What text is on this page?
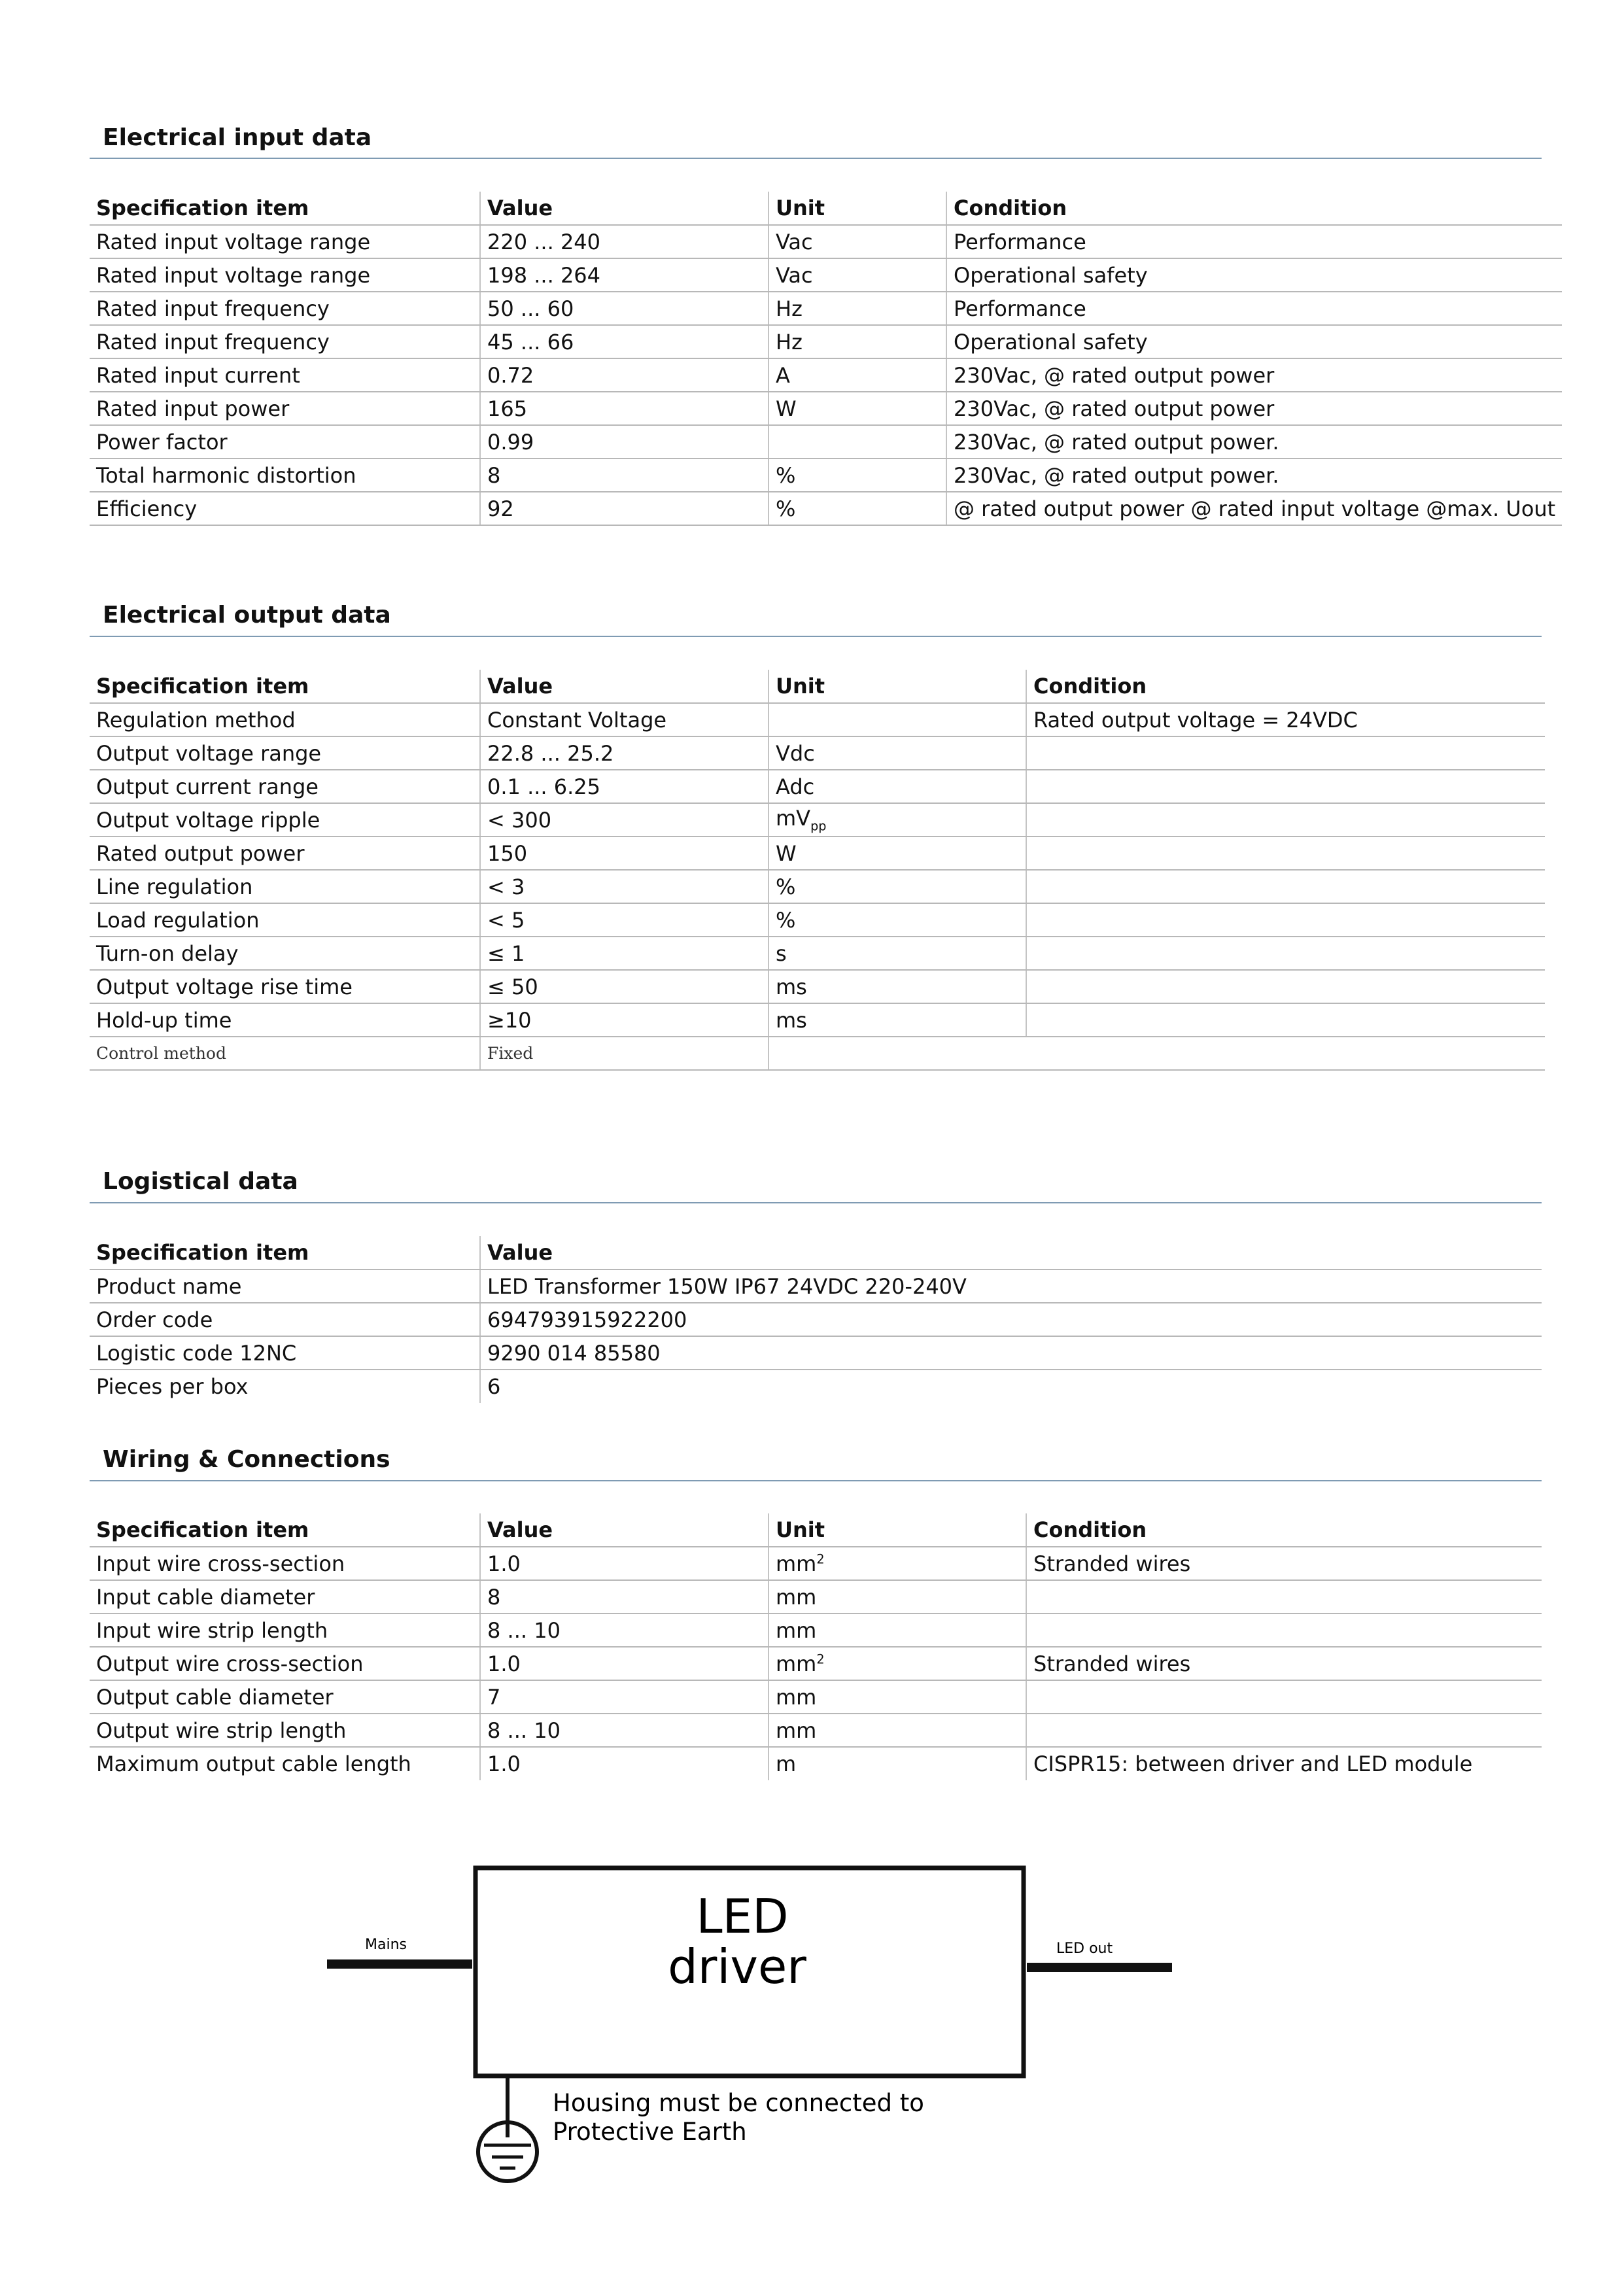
Electrical input data
Specification item	Value	Unit	Condition
Rated input voltage range	220 ... 240	Vac	Performance
Rated input voltage range	198 ... 264	Vac	Operational safety
Rated input frequency	50 ... 60	Hz	Performance
Rated input frequency	45 ... 66	Hz	Operational safety
Rated input current	0.72	A	230Vac, @ rated output power
Rated input power	165	W	230Vac, @ rated output power
Power factor	0.99		230Vac, @ rated output power.
Total harmonic distortion	8	%	230Vac, @ rated output power.
Efficiency	92	%	@ rated output power @ rated input voltage @max. Uout
Electrical output data
Specification item	Value	Unit	Condition
Regulation method	Constant Voltage		Rated output voltage = 24VDC
Output voltage range	22.8 ... 25.2	Vdc	
Output current range	0.1 ... 6.25	Adc	
Output voltage ripple	< 300	$mV_{pp}$	
Rated output power	150	W	
Line regulation	< 3	%	
Load regulation	< 5	%	
Turn-on delay	≤ 1	s	
Output voltage rise time	≤ 50	ms	
Hold-up time	≥10	ms	
Control method	Fixed		
Logistical data
Specification item	Value
Product name	LED Transformer 150W IP67 24VDC 220-240V
Order code	694793915922200
Logistic code 12NC	9290 014 85580
Pieces per box	6
Wiring & Connections
Specification item	Value	Unit	Condition
Input wire cross-section	1.0	$mm^2$	Stranded wires
Input cable diameter	8	mm	
Input wire strip length	8 ... 10	mm	
Output wire cross-section	1.0	$mm^2$	Stranded wires
Output cable diameter	7	mm	
Output wire strip length	8 ... 10	mm	
Maximum output cable length	1.0	m	CISPR15: between driver and LED module
Mains	LED out
LED
driver
Housing must be connected to
Protective Earth
